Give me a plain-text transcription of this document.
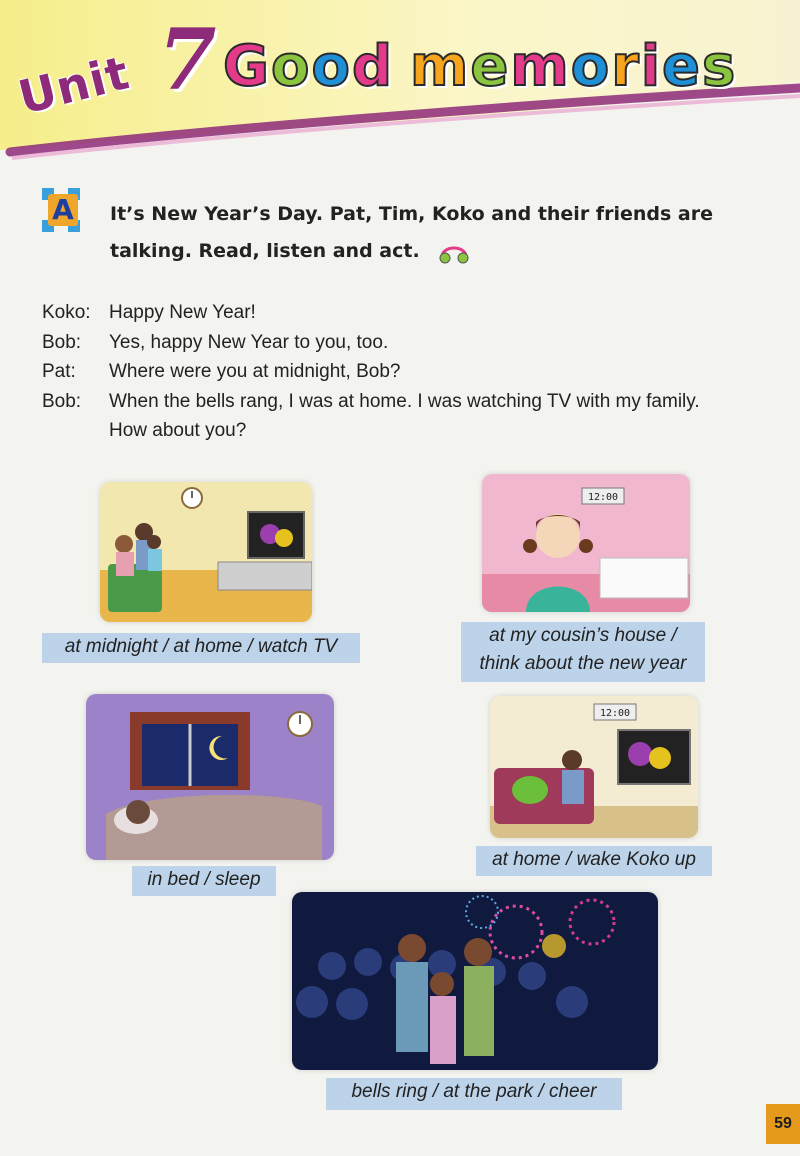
Unit 7 G o o d
m e m o r i e s
A It’s New Year’s Day. Pat, Tim, Koko and their friends are
talking. Read, listen and act.
Koko: Happy New Year!
Bob:	Yes, happy New Year to you, too.
Pat:	Where were you at midnight, Bob?
Bob:	When the bells rang, I was at home. I was watching TV with my family.
How about you?
at midnight / at home / watch TV
12:00
at my cousin’s house /
think about the new year
in bed / sleep
12:00
at home / wake Koko up
bells ring / at the park / cheer
59
